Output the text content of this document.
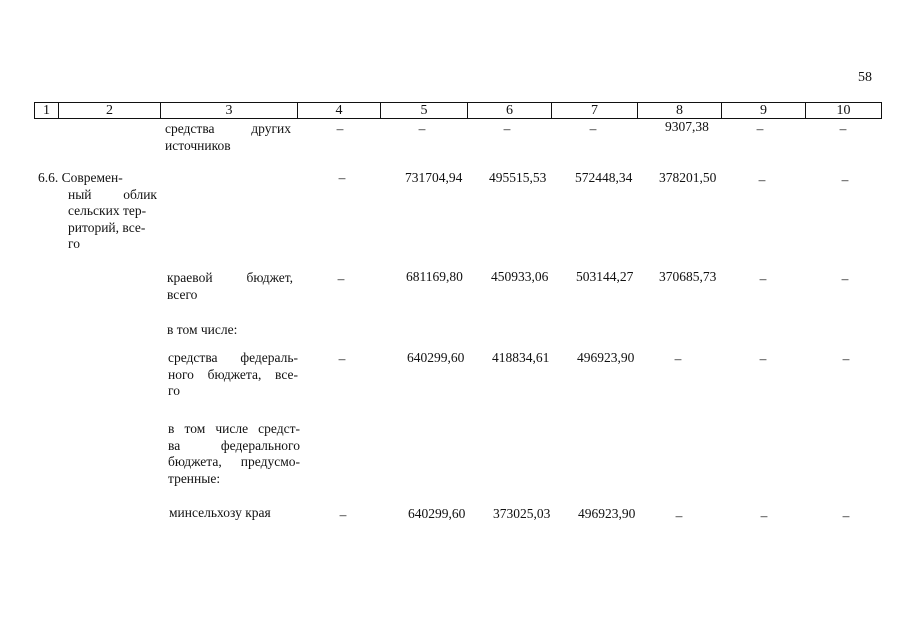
58
1	2	3	4	5	6	7	8	9	10
средства других
источников
–	–	–	–	9307,38	–	–
6.6. Современ-
ный облик
сельских тер-
риторий, все-
го
–	731704,94 495515,53 572448,34 378201,50	–	–
краевой бюджет,
всего
–	681169,80 450933,06 503144,27 370685,73	–	–
в том числе:
средства федераль-
ного бюджета, все-
го
–	640299,60 418834,61 496923,90	–	–	–
в том числе средст-
ва федерального
бюджета, предусмо-
тренные:
минсельхозу края	–	640299,60 373025,03 496923,90	–	–	–
